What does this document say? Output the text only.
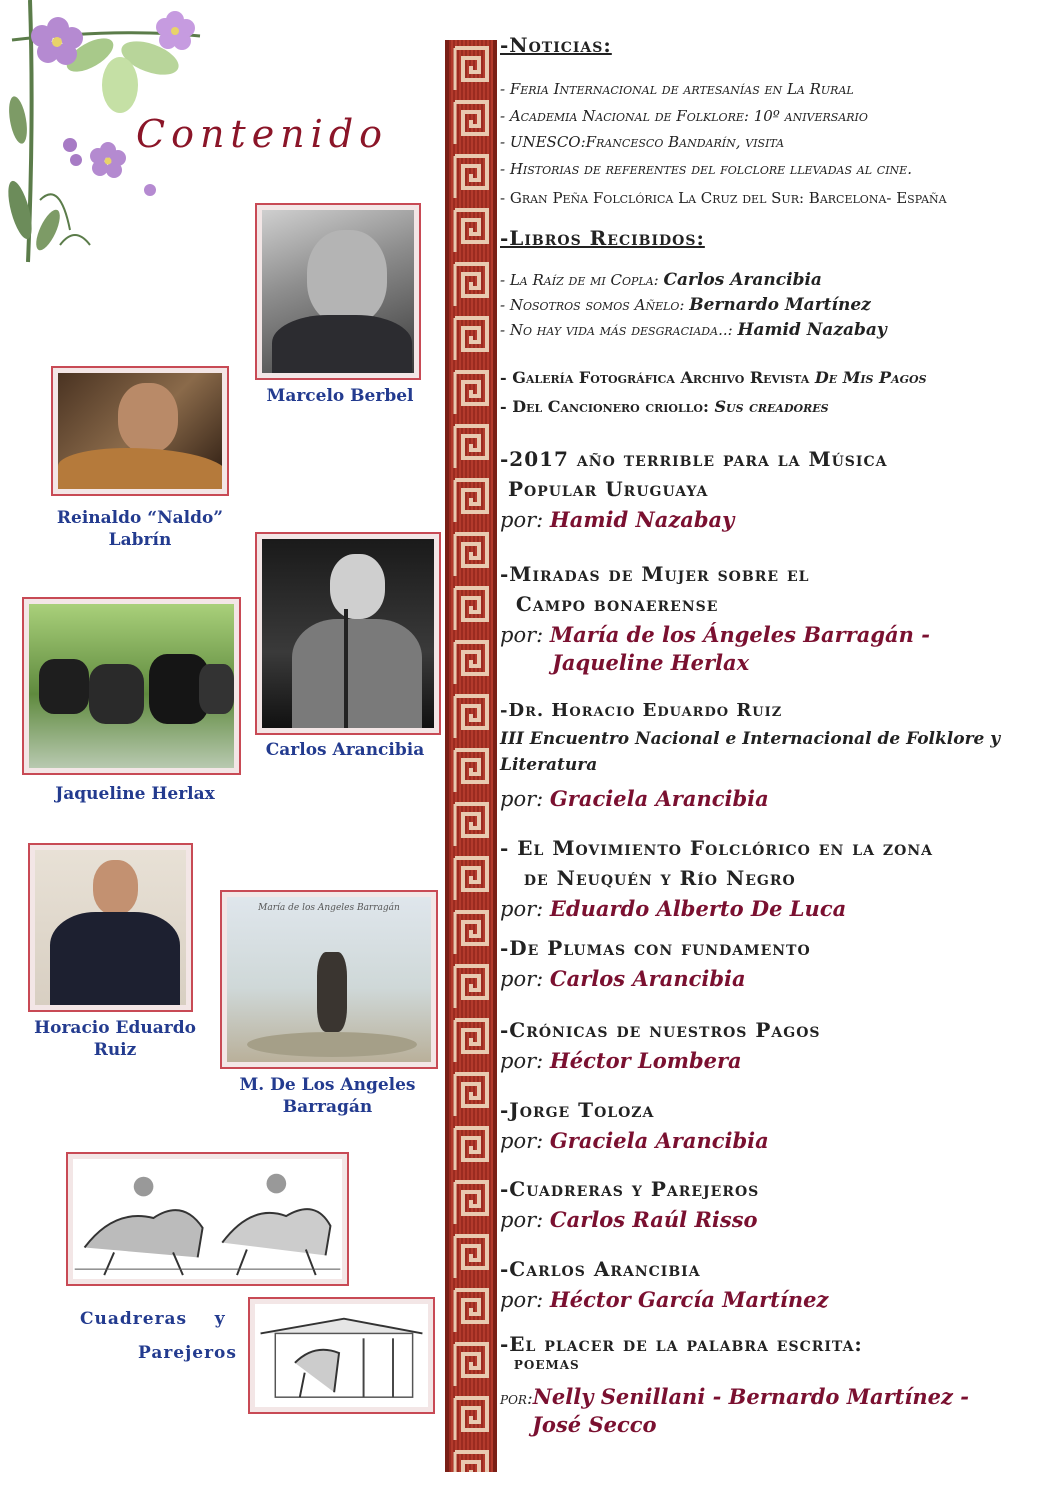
Contenido
Marcelo Berbel
Reinaldo “Naldo” Labrín
Carlos Arancibia
Jaqueline Herlax
Horacio Eduardo Ruiz
María de los Angeles Barragán
M. De Los Angeles Barragán
Cuadreras    y
Parejeros
-Noticias:
- Feria Internacional de artesanías en La Rural
- Academia Nacional de Folklore: 10º aniversario
- UNESCO:Francesco Bandarín, visita
- Historias de referentes del folclore llevadas al cine.
- Gran Peña Folclórica La Cruz del Sur: Barcelona- España
-Libros Recibidos:
- La Raíz de mi Copla: Carlos Arancibia
- Nosotros somos Añelo: Bernardo Martínez
- No hay vida más desgraciada..: Hamid Nazabay
- Galería Fotográfica Archivo Revista De Mis Pagos
- Del Cancionero criollo: Sus creadores
-2017 año terrible para la Música
Popular Uruguaya
por: Hamid Nazabay
-Miradas de Mujer sobre el
Campo bonaerense
por: María de los Ángeles Barragán -
Jaqueline Herlax
-Dr. Horacio Eduardo Ruiz
III Encuentro Nacional e Internacional de Folklore y Literatura
por: Graciela Arancibia
- El Movimiento Folclórico en la zona
de Neuquén y Río Negro
por: Eduardo Alberto De Luca
-De Plumas con fundamento
por: Carlos Arancibia
-Crónicas de nuestros Pagos
por: Héctor Lombera
-Jorge Toloza
por: Graciela Arancibia
-Cuadreras y Parejeros
por: Carlos Raúl Risso
-Carlos Arancibia
por: Héctor García Martínez
-El placer de la palabra escrita:
poemas
por:Nelly Senillani - Bernardo Martínez -
José Secco
